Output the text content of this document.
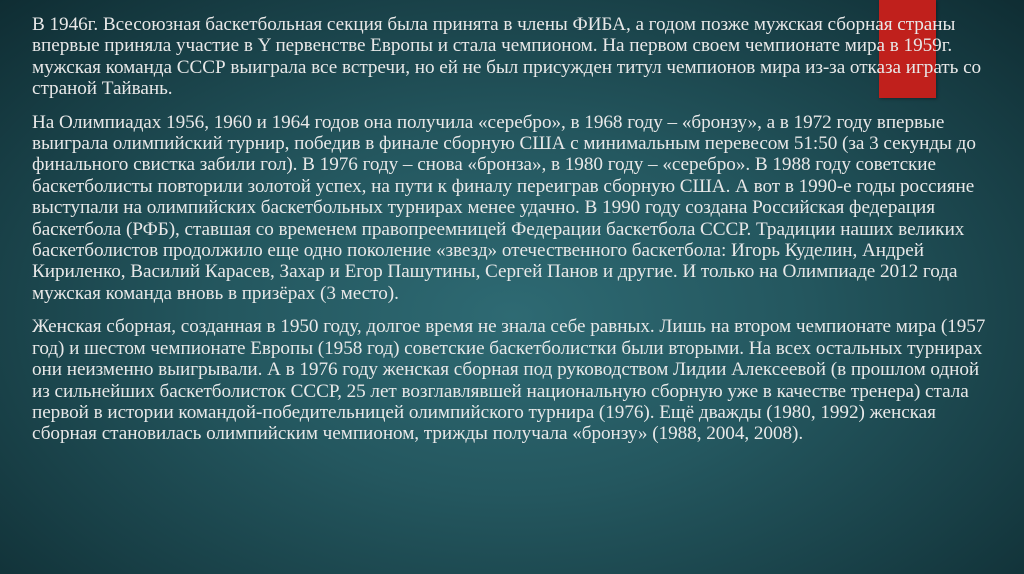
В 1946г. Всесоюзная баскетбольная секция была принята в члены ФИБА, а годом позже мужская сборная страны впервые приняла участие в Y первенстве Европы и стала чемпионом. На первом своем чемпионате мира в 1959г. мужская команда СССР выиграла все встречи, но ей не был присужден титул чемпионов мира из-за отказа играть со страной Тайвань.

На Олимпиадах 1956, 1960 и 1964 годов она получила «серебро», в 1968 году – «бронзу», а в 1972 году впервые выиграла олимпийский турнир, победив в финале сборную США с минимальным перевесом 51:50 (за 3 секунды до финального свистка забили гол). В 1976 году – снова «бронза», в 1980 году – «серебро». В 1988 году советские баскетболисты повторили золотой успех, на пути к финалу переиграв сборную США. А вот в 1990-е годы россияне выступали на олимпийских баскетбольных турнирах менее удачно. В 1990 году создана Российская федерация баскетбола (РФБ), ставшая со временем правопреемницей Федерации баскетбола СССР. Традиции наших великих баскетболистов продолжило еще одно поколение «звезд» отечественного баскетбола: Игорь Куделин, Андрей Кириленко, Василий Карасев, Захар и Егор Пашутины, Сергей Панов и другие. И только на Олимпиаде 2012 года мужская команда вновь в призёрах (3 место).

Женская сборная, созданная в 1950 году, долгое время не знала себе равных. Лишь на втором чемпионате мира (1957 год) и шестом чемпионате Европы (1958 год) советские баскетболистки были вторыми. На всех остальных турнирах они неизменно выигрывали. А в 1976 году женская сборная под руководством Лидии Алексеевой (в прошлом одной из сильнейших баскетболисток СССР, 25 лет возглавлявшей национальную сборную уже в качестве тренера) стала первой в истории командой-победительницей олимпийского турнира (1976). Ещё дважды (1980, 1992) женская сборная становилась олимпийским чемпионом, трижды получала «бронзу» (1988, 2004, 2008).
